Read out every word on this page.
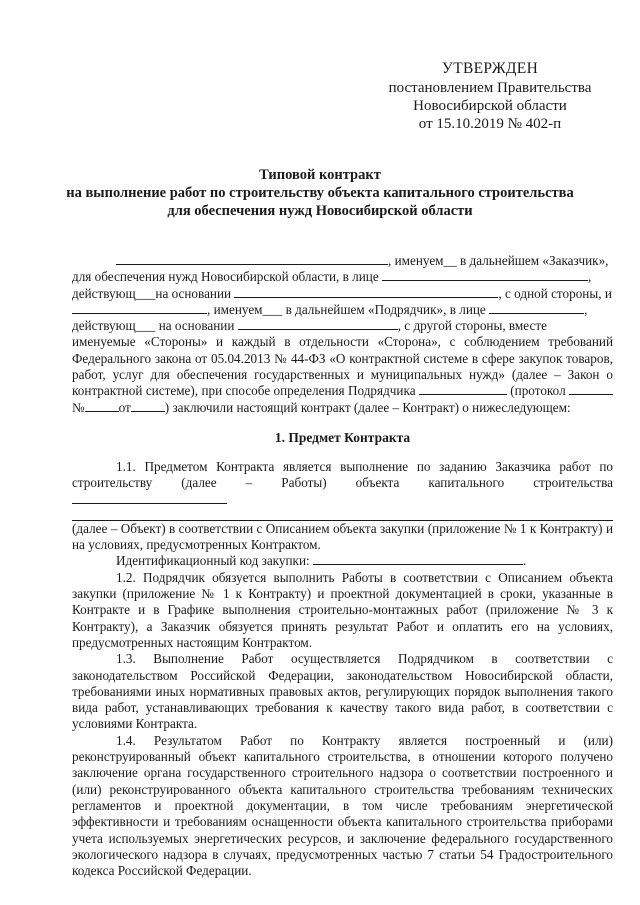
УТВЕРЖДЕН
постановлением Правительства
Новосибирской области
от 15.10.2019 № 402-п
Типовой контракт
на выполнение работ по строительству объекта капитального строительства
для обеспечения нужд Новосибирской области

, именуем__ в дальнейшем «Заказчик»,

для обеспечения нужд Новосибирской области, в лице	,

действующ___на основании	, с одной стороны, и

, именуем___ в дальнейшем «Подрядчик», в лице	,

действующ___ на основании	, с другой стороны, вместе

именуемые «Стороны» и каждый в отдельности «Сторона», с соблюдением требований Федерального закона от 05.04.2013 № 44-ФЗ «О контрактной системе в сфере закупок товаров, работ, услуг для обеспечения государственных и муниципальных нужд» (далее – Закон о контрактной системе), при способе определения Подрядчика	(протокол №	от	) заключили настоящий контракт (далее – Контракт) о нижеследующем:

1. Предмет Контракта

1.1. Предметом Контракта является выполнение по заданию Заказчика работ по строительству (далее – Работы) объекта капитального строительства
(далее – Объект) в соответствии с Описанием объекта закупки (приложение № 1 к Контракту) и на условиях, предусмотренных Контрактом.

Идентификационный код закупки:	.

1.2. Подрядчик обязуется выполнить Работы в соответствии с Описанием объекта закупки (приложение № 1 к Контракту) и проектной документацией в сроки, указанные в Контракте и в Графике выполнения строительно-монтажных работ (приложение № 3 к Контракту), а Заказчик обязуется принять результат Работ и оплатить его на условиях, предусмотренных настоящим Контрактом.

1.3. Выполнение Работ осуществляется Подрядчиком в соответствии с законодательством Российской Федерации, законодательством Новосибирской области, требованиями иных нормативных правовых актов, регулирующих порядок выполнения такого вида работ, устанавливающих требования к качеству такого вида работ, в соответствии с условиями Контракта.

1.4. Результатом Работ по Контракту является построенный и (или) реконструированный объект капитального строительства, в отношении которого получено заключение органа государственного строительного надзора о соответствии построенного и (или) реконструированного объекта капитального строительства требованиям технических регламентов и проектной документации, в том числе требованиям энергетической эффективности и требованиям оснащенности объекта капитального строительства приборами учета используемых энергетических ресурсов, и заключение федерального государственного экологического надзора в случаях, предусмотренных частью 7 статьи 54 Градостроительного кодекса Российской Федерации.
